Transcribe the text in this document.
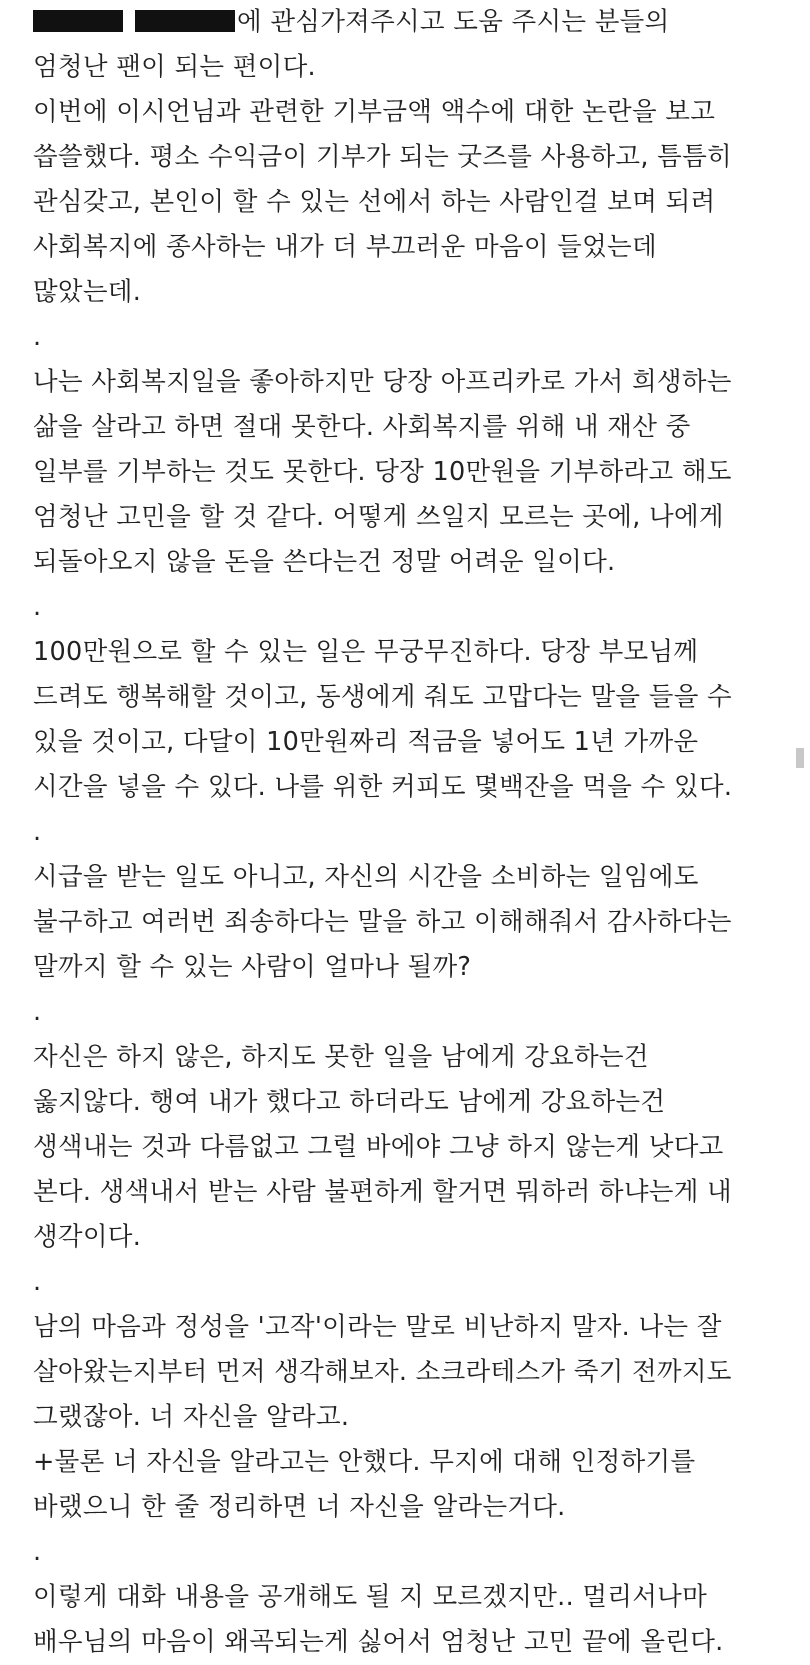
에 관심가져주시고 도움 주시는 분들의
엄청난 팬이 되는 편이다.
이번에 이시언님과 관련한 기부금액 액수에 대한 논란을 보고
씁쓸했다. 평소 수익금이 기부가 되는 굿즈를 사용하고, 틈틈히
관심갖고, 본인이 할 수 있는 선에서 하는 사람인걸 보며 되려
사회복지에 종사하는 내가 더 부끄러운 마음이 들었는데
많았는데.
.
나는 사회복지일을 좋아하지만 당장 아프리카로 가서 희생하는
삶을 살라고 하면 절대 못한다. 사회복지를 위해 내 재산 중
일부를 기부하는 것도 못한다. 당장 10만원을 기부하라고 해도
엄청난 고민을 할 것 같다. 어떻게 쓰일지 모르는 곳에, 나에게
되돌아오지 않을 돈을 쓴다는건 정말 어려운 일이다.
.
100만원으로 할 수 있는 일은 무궁무진하다. 당장 부모님께
드려도 행복해할 것이고, 동생에게 줘도 고맙다는 말을 들을 수
있을 것이고, 다달이 10만원짜리 적금을 넣어도 1년 가까운
시간을 넣을 수 있다. 나를 위한 커피도 몇백잔을 먹을 수 있다.
.
시급을 받는 일도 아니고, 자신의 시간을 소비하는 일임에도
불구하고 여러번 죄송하다는 말을 하고 이해해줘서 감사하다는
말까지 할 수 있는 사람이 얼마나 될까?
.
자신은 하지 않은, 하지도 못한 일을 남에게 강요하는건
옳지않다. 행여 내가 했다고 하더라도 남에게 강요하는건
생색내는 것과 다름없고 그럴 바에야 그냥 하지 않는게 낫다고
본다. 생색내서 받는 사람 불편하게 할거면 뭐하러 하냐는게 내
생각이다.
.
남의 마음과 정성을 '고작'이라는 말로 비난하지 말자. 나는 잘
살아왔는지부터 먼저 생각해보자. 소크라테스가 죽기 전까지도
그랬잖아. 너 자신을 알라고.
+물론 너 자신을 알라고는 안했다. 무지에 대해 인정하기를
바랬으니 한 줄 정리하면 너 자신을 알라는거다.
.
이렇게 대화 내용을 공개해도 될 지 모르겠지만.. 멀리서나마
배우님의 마음이 왜곡되는게 싫어서 엄청난 고민 끝에 올린다.
